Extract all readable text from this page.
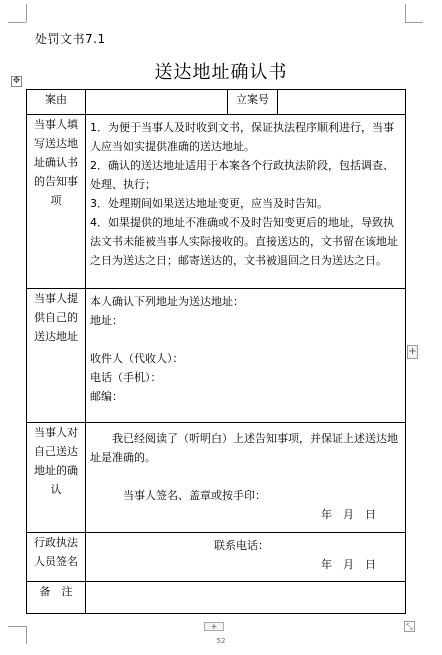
处罚文书7.1
送达地址确认书
✥
案由		立案号	
当事人填写送达地址确认书的告知事项	1．为便于当事人及时收到文书，保证执法程序顺利进行，当事人应当如实提供准确的送达地址。
2．确认的送达地址适用于本案各个行政执法阶段，包括调查、处理、执行；
3．处理期间如果送达地址变更，应当及时告知。
4．如果提供的地址不准确或不及时告知变更后的地址，导致执法文书未能被当事人实际接收的。直接送达的，文书留在该地址之日为送达之日；邮寄送达的，文书被退回之日为送达之日。		

当事人提供自己的送达地址	本人确认下列地址为送达地址：
地址：
收件人（代收人）：
电话（手机）：
邮编：		

当事人对自己送达地址的确认	我已经阅读了（听明白）上述告知事项，并保证上述送达地址是准确的。
当事人签名、盖章或按手印：
年　月　日		

行政执法人员签名	联系电话：
年　月　日		

备　注			
+
+	⤡
52
